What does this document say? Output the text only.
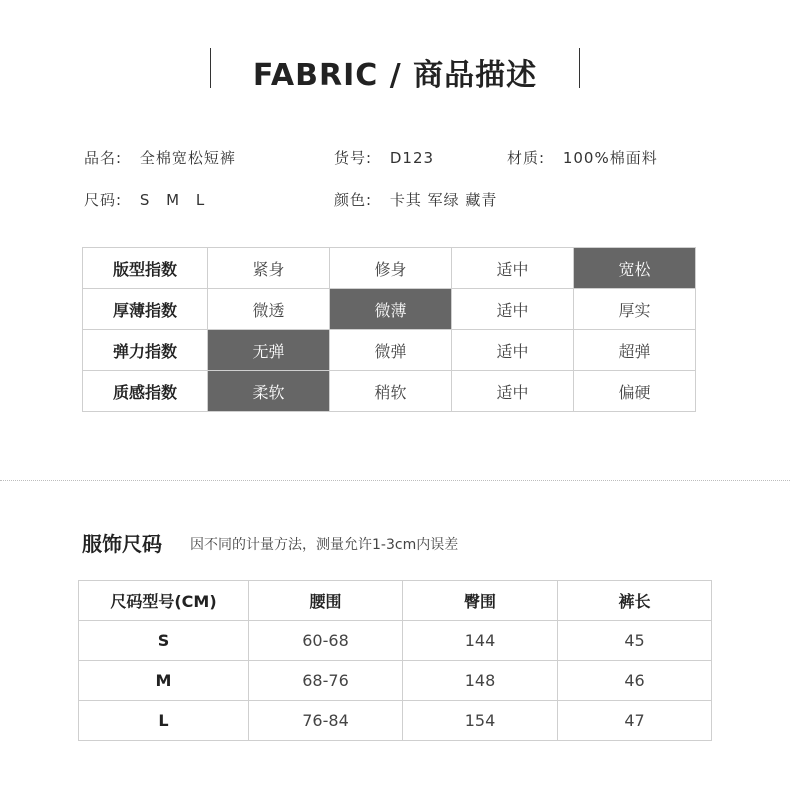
FABRIC / 商品描述
品名: 全棉宽松短裤	货号: D123	材质: 100%棉面料
尺码: S M L	颜色: 卡其 军绿 藏青
版型指数	紧身	修身	适中	宽松
厚薄指数	微透	微薄	适中	厚实
弹力指数	无弹	微弹	适中	超弹
质感指数	柔软	稍软	适中	偏硬
服饰尺码 因不同的计量方法，测量允许1-3cm内误差
尺码型号(CM)	腰围	臀围	裤长
S	60-68	144	45
M	68-76	148	46
L	76-84	154	47
